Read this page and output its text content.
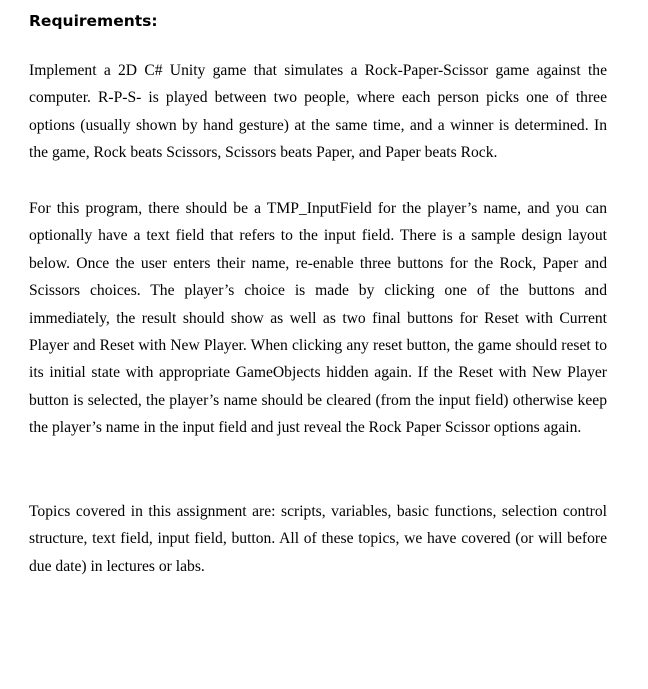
Requirements:

Implement a 2D C# Unity game that simulates a Rock-Paper-Scissor game against the computer. R-P-S- is played between two people, where each person picks one of three options (usually shown by hand gesture) at the same time, and a winner is determined. In the game, Rock beats Scissors, Scissors beats Paper, and Paper beats Rock.

For this program, there should be a TMP_InputField for the player’s name, and you can optionally have a text field that refers to the input field. There is a sample design layout below. Once the user enters their name, re-enable three buttons for the Rock, Paper and Scissors choices. The player’s choice is made by clicking one of the buttons and immediately, the result should show as well as two final buttons for Reset with Current Player and Reset with New Player. When clicking any reset button, the game should reset to its initial state with appropriate GameObjects hidden again. If the Reset with New Player button is selected, the player’s name should be cleared (from the input field) otherwise keep the player’s name in the input field and just reveal the Rock Paper Scissor options again.

Topics covered in this assignment are: scripts, variables, basic functions, selection control structure, text field, input field, button. All of these topics, we have covered (or will before due date) in lectures or labs.
